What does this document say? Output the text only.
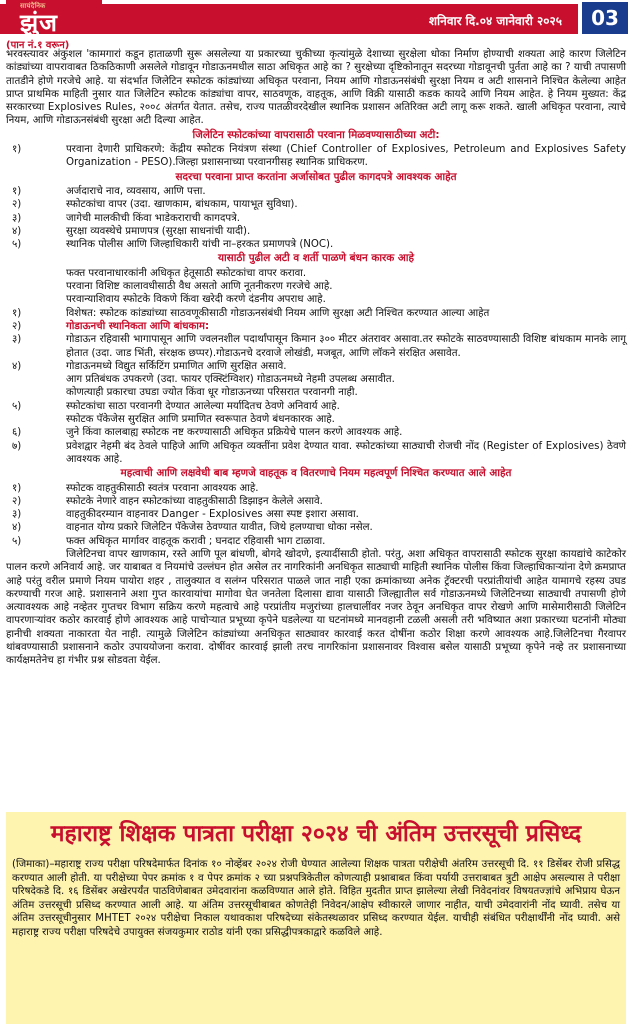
सायंदैनिक
झुंज	शनिवार दि.०४ जानेवारी २०२५	03
(पान नं.१ वरून)

भरवस्त्यावर अंकुशल 'कामगारां कडून हाताळणी सुरू असलेल्या या प्रकारच्या चुकीच्या कृत्यांमुळे देशाच्या सुरक्षेला धोका निर्माण होण्याची शक्यता आहे कारण जिलेटिन कांड्यांच्या वापरावाबत ठिकठिकाणी असलेले गोडावून गोडाऊनमधील साठा अधिकृत आहे का ? सुरक्षेच्या दृष्टिकोनातून सदरच्या गोडावूनची पुर्तता आहे का ? याची तपासणी तातडीने होणे गरजेचे आहे. या संदर्भात जिलेटिन स्फोटक कांड्यांच्या अधिकृत परवाना, नियम आणि गोडाऊनसंबंधी सुरक्षा नियम व अटी शासनाने निश्चित केलेल्या आहेत प्राप्त प्राथमिक माहिती नुसार यात जिलेटिन स्फोटक कांड्यांचा वापर, साठवणूक, वाहतूक, आणि विक्री यासाठी कडक कायदे आणि नियम आहेत. हे नियम मुख्यत: केंद्र सरकारच्या Explosives Rules, २००८ अंतर्गत येतात. तसेच, राज्य पातळीवरदेखील स्थानिक प्रशासन अतिरिक्त अटी लागू करू शकते. खाली अधिकृत परवाना, त्याचे नियम, आणि गोडाऊनसंबंधी सुरक्षा अटी दिल्या आहेत.

जिलेटिन स्फोटकांच्या वापरासाठी परवाना मिळवण्यासाठीच्या अटी:
१)	परवाना देणारी प्राधिकरणे: केंद्रीय स्फोटक नियंत्रण संस्था (Chief Controller of Explosives, Petroleum and Explosives Safety Organization - PESO).जिल्हा प्रशासनाच्या परवानगीसह स्थानिक प्राधिकरण.
सदरचा परवाना प्राप्त करतांना अर्जासोबत पुढील कागदपत्रे आवश्यक आहेत
१)	अर्जदाराचे नाव, व्यवसाय, आणि पत्ता.
२)	स्फोटकांचा वापर (उदा. खाणकाम, बांधकाम, पायाभूत सुविधा).
३)	जागेची मालकीची किंवा भाडेकराराची कागदपत्रे.
४)	सुरक्षा व्यवस्थेचे प्रमाणपत्र (सुरक्षा साधनांची यादी).
५)	स्थानिक पोलीस आणि जिल्हाधिकारी यांची ना–हरकत प्रमाणपत्रे (NOC).
यासाठी पुढील अटी व शर्ती पाळणे बंधन कारक आहे

फक्त परवानाधारकांनी अधिकृत हेतूसाठी स्फोटकांचा वापर करावा.

परवाना विशिष्ट कालावधीसाठी वैध असतो आणि नूतनीकरण गरजेचे आहे.

परवान्याशिवाय स्फोटके विकणे किंवा खरेदी करणे दंडनीय अपराध आहे.

१)	विशेषत: स्फोटक कांड्यांच्या साठवणूकीसाठी गोडाऊनसंबंधी नियम आणि सुरक्षा अटी निश्चित करण्यात आल्या आहेत
२)	गोडाऊनची स्थानिकता आणि बांधकाम:
३)	गोडाऊन रहिवासी भागापासून आणि ज्वलनशील पदार्थांपासून किमान ३०० मीटर अंतरावर असावा.तर स्फोटके साठवण्यासाठी विशिष्ट बांधकाम मानके लागू होतात (उदा. जाड भिंती, संरक्षक छप्पर).गोडाऊनचे दरवाजे लोखंडी, मजबूत, आणि लॉकने संरक्षित असावेत.
४)	गोडाऊनमध्ये विद्युत सर्किटिंग प्रमाणित आणि सुरक्षित असावे.

आग प्रतिबंधक उपकरणे (उदा. फायर एक्स्टिंग्विशर) गोडाऊनमध्ये नेहमी उपलब्ध असावीत.

कोणत्याही प्रकारचा उघडा ज्योत किंवा धूर गोडाऊनच्या परिसरात परवानगी नाही.

५)	स्फोटकांचा साठा परवानगी देण्यात आलेल्या मर्यादितच ठेवणे अनिवार्य आहे.

स्फोटक पॅकेजेस सुरक्षित आणि प्रमाणित स्वरूपात ठेवणे बंधनकारक आहे.

६)	जुने किंवा कालबाह्य स्फोटक नष्ट करण्यासाठी अधिकृत प्रक्रियेचे पालन करणे आवश्यक आहे.
७)	प्रवेशद्वार नेहमी बंद ठेवले पाहिजे आणि अधिकृत व्यक्तींना प्रवेश देण्यात यावा. स्फोटकांच्या साठ्याची रोजची नोंद (Register of Explosives) ठेवणे आवश्यक आहे.
महत्वाची आणि लक्षवेधी बाब म्हणजे वाहतूक व वितरणाचे नियम महत्वपूर्ण निश्चित करण्यात आले आहेत
१)	स्फोटक वाहतुकीसाठी स्वतंत्र परवाना आवश्यक आहे.
२)	स्फोटके नेणारे वाहन स्फोटकांच्या वाहतुकीसाठी डिझाइन केलेले असावे.
३)	वाहतुकीदरम्यान वाहनावर Danger - Explosives असा स्पष्ट इशारा असावा.
४)	वाहनात योग्य प्रकारे जिलेटिन पॅकेजेस ठेवण्यात यावीत, जिथे हलण्याचा धोका नसेल.
५)	फक्त अधिकृत मार्गावर वाहतूक करावी ; घनदाट रहिवासी भाग टाळावा.

जिलेटिनचा वापर खाणकाम, रस्ते आणि पूल बांधणी, बोगदे खोदणे, इत्यादींसाठी होतो. परंतु, अशा अधिकृत वापरासाठी स्फोटक सुरक्षा कायद्यांचे काटेकोर पालन करणे अनिवार्य आहे. जर याबाबत व नियमांचे उल्लंघन होत असेल तर नागरिकांनी अनधिकृत साठ्याची माहिती स्थानिक पोलीस किंवा जिल्हाधिकाऱ्यांना देणे क्रमप्राप्त आहे परंतु वरील प्रमाणे नियम पायोरा शहर , तालुक्यात व सलंग्न परिसरात पाळले जात नाही एका क्रमांकाच्या अनेक ट्रॅक्टरची परप्रांतीयांची आहेत यामागचे रहस्य उघड करण्याची गरज आहे. प्रशासनाने अशा गुप्त कारवायांचा मागोवा घेत जनतेला दिलासा द्यावा यासाठी जिल्ह्यातील सर्व गोडाऊनमध्ये जिलेटिनच्या साठ्याची तपासणी होणे अत्यावश्यक आहे नव्हेतर गुप्तचर विभाग सक्रिय करणे महत्वाचे आहे परप्रांतीय मजुरांच्या हालचालींवर नजर ठेवून अनधिकृत वापर रोखणे आणि मासेमारीसाठी जिलेटिन वापरणाऱ्यांवर कठोर कारवाई होणे आवश्यक आहे पाचोऱ्यात प्रभूच्या कृपेने घडलेल्या या घटनांमध्ये मानवहानी टळली असली तरी भविष्यात अशा प्रकारच्या घटनांनी मोठ्या हानीची शक्यता नाकारता येत नाही. त्यामुळे जिलेटिन कांड्यांच्या अनधिकृत साठ्यावर कारवाई करत दोषींना कठोर शिक्षा करणे आवश्यक आहे.जिलेटिनचा गैरवापर थांबवण्यासाठी प्रशासनाने कठोर उपाययोजना करावा. दोषींवर कारवाई झाली तरच नागरिकांना प्रशासनावर विश्वास बसेल यासाठी प्रभूच्या कृपेने नव्हे तर प्रशासनाच्या कार्यक्षमतेनेच हा गंभीर प्रश्न सोडवता येईल.

महाराष्ट्र शिक्षक पात्रता परीक्षा २०२४ ची अंतिम उत्तरसूची प्रसिध्द
(जिमाका)–महाराष्ट्र राज्य परीक्षा परिषदेमार्फत दिनांक १० नोव्हेंबर २०२४ रोजी घेण्यात आलेल्या शिक्षक पात्रता परीक्षेची अंतरिम उत्तरसूची दि. ११ डिसेंबर रोजी प्रसिद्ध करण्यात आली होती. या परीक्षेच्या पेपर क्रमांक १ व पेपर क्रमांक २ च्या प्रश्नपत्रिकेतील कोणत्याही प्रश्नाबाबत किंवा पर्यायी उत्तराबाबत त्रुटी आक्षेप असल्यास ते परीक्षा परिषदेकडे दि. १६ डिसेंबर अखेरपर्यंत पाठविणेबाबत उमेदवारांना कळविण्यात आले होते. विहित मुदतीत प्राप्त झालेल्या लेखी निवेदनांवर विषयतज्ज्ञांचे अभिप्राय घेऊन अंतिम उत्तरसूची प्रसिध्द करण्यात आली आहे. या अंतिम उत्तरसूचीबाबत कोणतेही निवेदन/आक्षेप स्वीकारले जाणार नाहीत, याची उमेदवारांनी नोंद घ्यावी. तसेच या अंतिम उत्तरसूचीनुसार MHTET २०२४ परीक्षेचा निकाल यथावकाश परिषदेच्या संकेतस्थळावर प्रसिध्द करण्यात येईल. याचीही संबंधित परीक्षार्थींनी नोंद घ्यावी. असे महाराष्ट्र राज्य परीक्षा परिषदेचे उपायुक्त संजयकुमार राठोड यांनी एका प्रसिद्धीपत्रकाद्वारे कळविले आहे.
